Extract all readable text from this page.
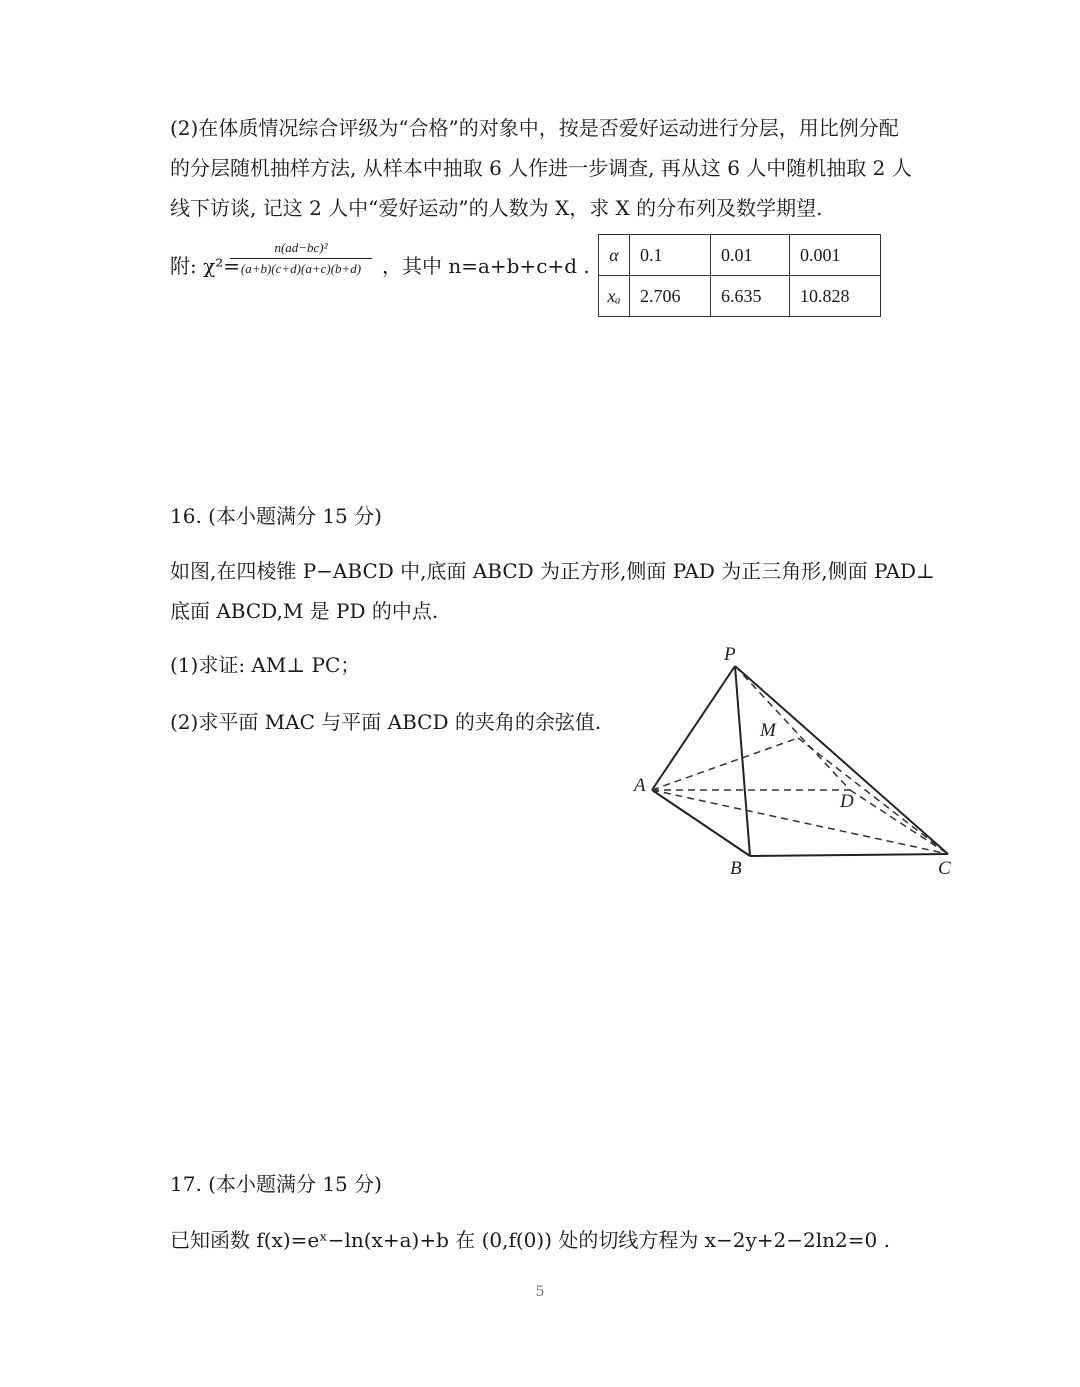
(2)在体质情况综合评级为“合格”的对象中，按是否爱好运动进行分层，用比例分配
的分层随机抽样方法, 从样本中抽取 6 人作进一步调查, 再从这 6 人中随机抽取 2 人
线下访谈, 记这 2 人中“爱好运动”的人数为 X，求 X 的分布列及数学期望.
附: χ²=
n(ad−bc)²
(a+b)(c+d)(a+c)(b+d)	，其中 n=a+b+c+d . α	0.1	0.01	0.001
xₐ	2.706	6.635	10.828
16. (本小题满分 15 分)
如图,在四棱锥 P−ABCD 中,底面 ABCD 为正方形,侧面 PAD 为正三角形,侧面 PAD⊥
底面 ABCD,M 是 PD 的中点.
(1)求证: AM⊥ PC；
(2)求平面 MAC 与平面 ABCD 的夹角的余弦值.
P
M
A
D
B	C
17. (本小题满分 15 分)
已知函数 f(x)=eˣ−ln(x+a)+b 在 (0,f(0)) 处的切线方程为 x−2y+2−2ln2=0 .
5
